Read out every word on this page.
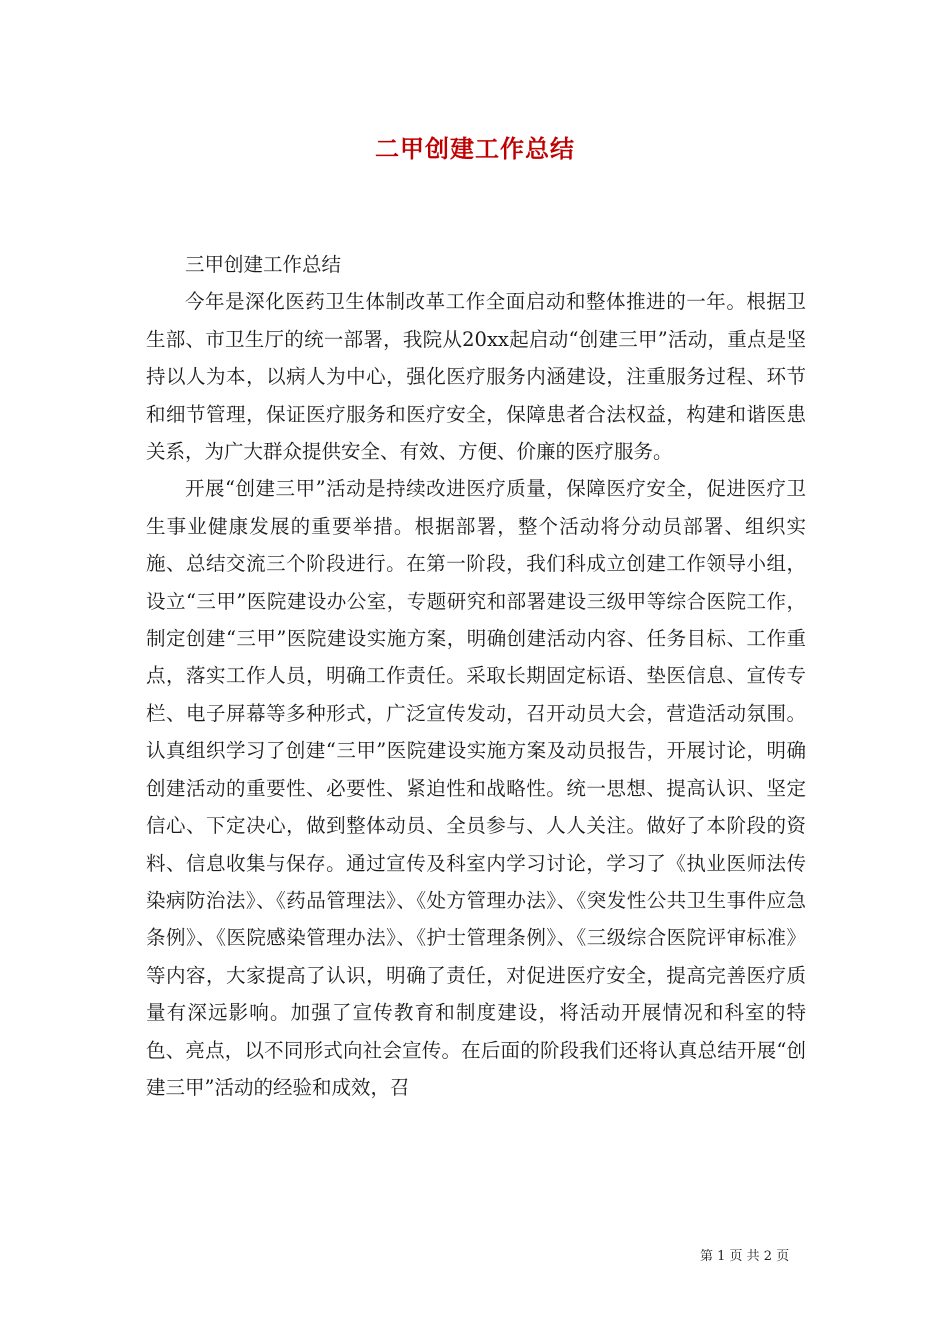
二甲创建工作总结

三甲创建工作总结

今年是深化医药卫生体制改革工作全面启动和整体推进的一年。根据卫生部、市卫生厅的统一部署，我院从20xx起启动“创建三甲”活动，重点是坚持以人为本，以病人为中心，强化医疗服务内涵建设，注重服务过程、环节和细节管理，保证医疗服务和医疗安全，保障患者合法权益，构建和谐医患关系，为广大群众提供安全、有效、方便、价廉的医疗服务。

开展“创建三甲”活动是持续改进医疗质量，保障医疗安全，促进医疗卫生事业健康发展的重要举措。根据部署，整个活动将分动员部署、组织实施、总结交流三个阶段进行。在第一阶段，我们科成立创建工作领导小组，设立“三甲”医院建设办公室，专题研究和部署建设三级甲等综合医院工作，制定创建“三甲”医院建设实施方案，明确创建活动内容、任务目标、工作重点，落实工作人员，明确工作责任。采取长期固定标语、垫医信息、宣传专栏、电子屏幕等多种形式，广泛宣传发动，召开动员大会，营造活动氛围。认真组织学习了创建“三甲”医院建设实施方案及动员报告，开展讨论，明确创建活动的重要性、必要性、紧迫性和战略性。统一思想、提高认识、坚定信心、下定决心，做到整体动员、全员参与、人人关注。做好了本阶段的资料、信息收集与保存。通过宣传及科室内学习讨论，学习了《执业医师法传染病防治法》、《药品管理法》、《处方管理办法》、《突发性公共卫生事件应急条例》、《医院感染管理办法》、《护士管理条例》、《三级综合医院评审标准》等内容，大家提高了认识，明确了责任，对促进医疗安全，提高完善医疗质量有深远影响。加强了宣传教育和制度建设，将活动开展情况和科室的特色、亮点，以不同形式向社会宣传。在后面的阶段我们还将认真总结开展“创建三甲”活动的经验和成效，召

第 1 页 共 2 页
